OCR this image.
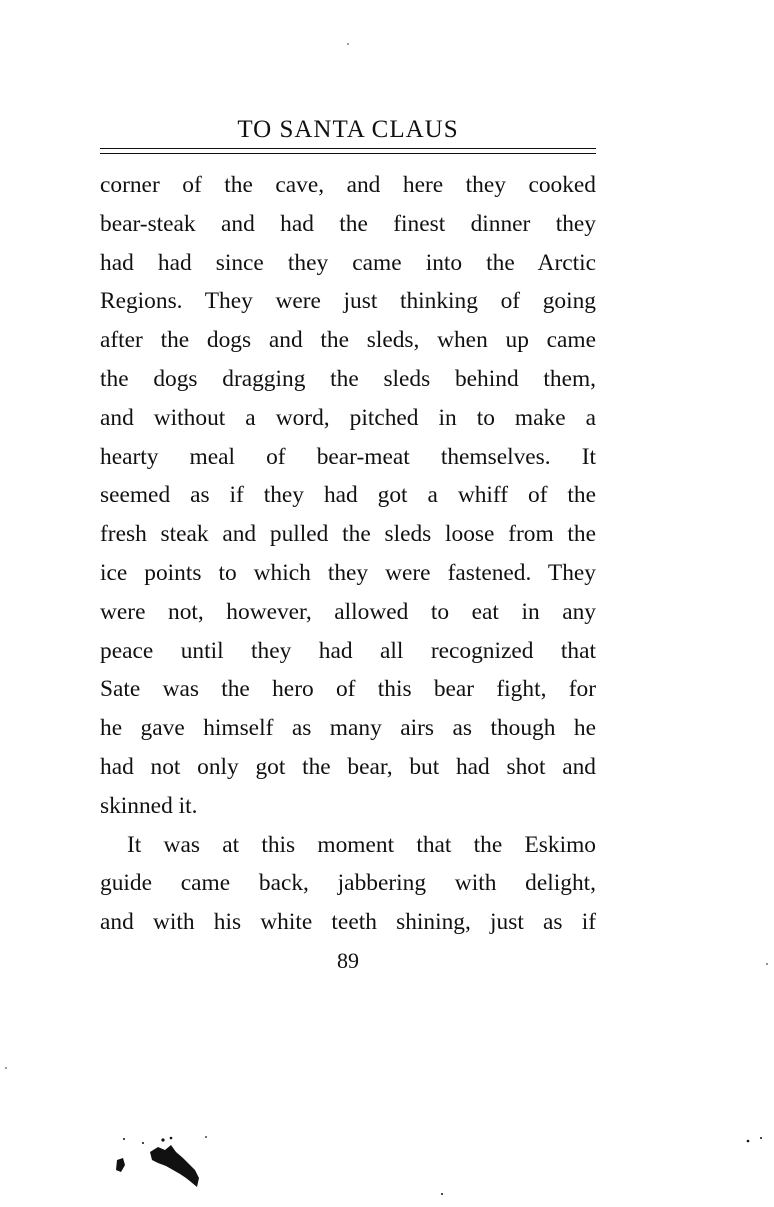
TO SANTA CLAUS
corner of the cave, and here they cooked
bear-steak and had the finest dinner they
had had since they came into the Arctic
Regions. They were just thinking of going
after the dogs and the sleds, when up came
the dogs dragging the sleds behind them,
and without a word, pitched in to make a
hearty meal of bear-meat themselves. It
seemed as if they had got a whiff of the
fresh steak and pulled the sleds loose from the
ice points to which they were fastened. They
were not, however, allowed to eat in any
peace until they had all recognized that
Sate was the hero of this bear fight, for
he gave himself as many airs as though he
had not only got the bear, but had shot and
skinned it.
It was at this moment that the Eskimo
guide came back, jabbering with delight,
and with his white teeth shining, just as if
89
